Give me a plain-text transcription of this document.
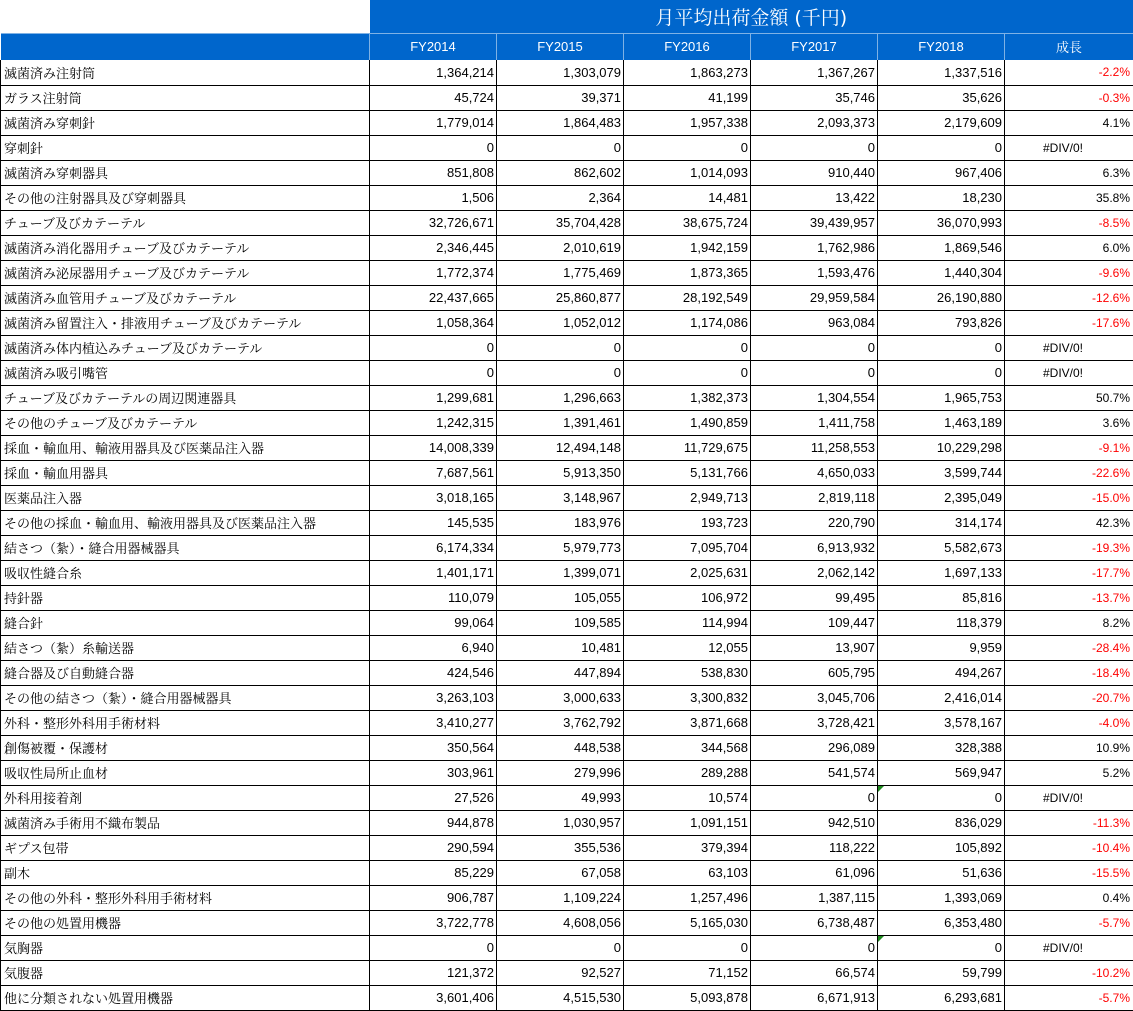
	月平均出荷金額 (千円)					
	FY2014	FY2015	FY2016	FY2017	FY2018	成長
滅菌済み注射筒	1,364,214	1,303,079	1,863,273	1,367,267	1,337,516	-2.2%
ガラス注射筒	45,724	39,371	41,199	35,746	35,626	-0.3%
滅菌済み穿刺針	1,779,014	1,864,483	1,957,338	2,093,373	2,179,609	4.1%
穿刺針	0	0	0	0	0	#DIV/0!
滅菌済み穿刺器具	851,808	862,602	1,014,093	910,440	967,406	6.3%
その他の注射器具及び穿刺器具	1,506	2,364	14,481	13,422	18,230	35.8%
チューブ及びカテーテル	32,726,671	35,704,428	38,675,724	39,439,957	36,070,993	-8.5%
滅菌済み消化器用チューブ及びカテーテル	2,346,445	2,010,619	1,942,159	1,762,986	1,869,546	6.0%
滅菌済み泌尿器用チューブ及びカテーテル	1,772,374	1,775,469	1,873,365	1,593,476	1,440,304	-9.6%
滅菌済み血管用チューブ及びカテーテル	22,437,665	25,860,877	28,192,549	29,959,584	26,190,880	-12.6%
滅菌済み留置注入・排液用チューブ及びカテーテル	1,058,364	1,052,012	1,174,086	963,084	793,826	-17.6%
滅菌済み体内植込みチューブ及びカテーテル	0	0	0	0	0	#DIV/0!
滅菌済み吸引嘴管	0	0	0	0	0	#DIV/0!
チューブ及びカテーテルの周辺関連器具	1,299,681	1,296,663	1,382,373	1,304,554	1,965,753	50.7%
その他のチューブ及びカテーテル	1,242,315	1,391,461	1,490,859	1,411,758	1,463,189	3.6%
採血・輸血用、輸液用器具及び医薬品注入器	14,008,339	12,494,148	11,729,675	11,258,553	10,229,298	-9.1%
採血・輸血用器具	7,687,561	5,913,350	5,131,766	4,650,033	3,599,744	-22.6%
医薬品注入器	3,018,165	3,148,967	2,949,713	2,819,118	2,395,049	-15.0%
その他の採血・輸血用、輸液用器具及び医薬品注入器	145,535	183,976	193,723	220,790	314,174	42.3%
結さつ（紮）・縫合用器械器具	6,174,334	5,979,773	7,095,704	6,913,932	5,582,673	-19.3%
吸収性縫合糸	1,401,171	1,399,071	2,025,631	2,062,142	1,697,133	-17.7%
持針器	110,079	105,055	106,972	99,495	85,816	-13.7%
縫合針	99,064	109,585	114,994	109,447	118,379	8.2%
結さつ（紮）糸輸送器	6,940	10,481	12,055	13,907	9,959	-28.4%
縫合器及び自動縫合器	424,546	447,894	538,830	605,795	494,267	-18.4%
その他の結さつ（紮）・縫合用器械器具	3,263,103	3,000,633	3,300,832	3,045,706	2,416,014	-20.7%
外科・整形外科用手術材料	3,410,277	3,762,792	3,871,668	3,728,421	3,578,167	-4.0%
創傷被覆・保護材	350,564	448,538	344,568	296,089	328,388	10.9%
吸収性局所止血材	303,961	279,996	289,288	541,574	569,947	5.2%
外科用接着剤	27,526	49,993	10,574	0	0	#DIV/0!
滅菌済み手術用不織布製品	944,878	1,030,957	1,091,151	942,510	836,029	-11.3%
ギプス包帯	290,594	355,536	379,394	118,222	105,892	-10.4%
副木	85,229	67,058	63,103	61,096	51,636	-15.5%
その他の外科・整形外科用手術材料	906,787	1,109,224	1,257,496	1,387,115	1,393,069	0.4%
その他の処置用機器	3,722,778	4,608,056	5,165,030	6,738,487	6,353,480	-5.7%
気胸器	0	0	0	0	0	#DIV/0!
気腹器	121,372	92,527	71,152	66,574	59,799	-10.2%
他に分類されない処置用機器	3,601,406	4,515,530	5,093,878	6,671,913	6,293,681	-5.7%
